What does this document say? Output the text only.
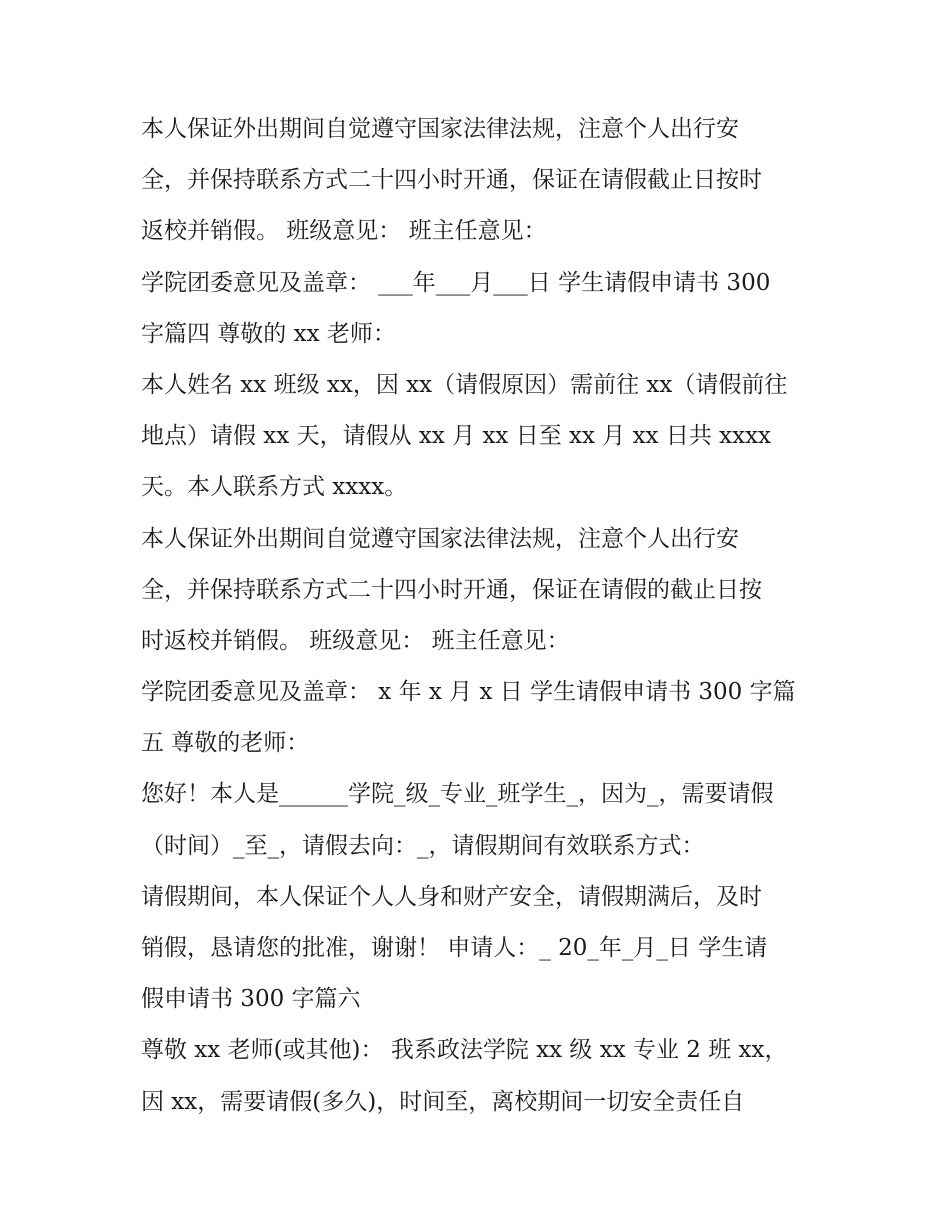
本人保证外出期间自觉遵守国家法律法规，注意个人出行安
全，并保持联系方式二十四小时开通，保证在请假截止日按时
返校并销假。 班级意见： 班主任意见：
学院团委意见及盖章： ___年___月___日 学生请假申请书 300
字篇四 尊敬的 xx 老师：
本人姓名 xx 班级 xx，因 xx（请假原因）需前往 xx（请假前往
地点）请假 xx 天，请假从 xx 月 xx 日至 xx 月 xx 日共 xxxx
天。本人联系方式 xxxx。
本人保证外出期间自觉遵守国家法律法规，注意个人出行安
全，并保持联系方式二十四小时开通，保证在请假的截止日按
时返校并销假。 班级意见： 班主任意见：
学院团委意见及盖章： x 年 x 月 x 日 学生请假申请书 300 字篇
五 尊敬的老师：
您好！本人是______学院_级_专业_班学生_，因为_，需要请假
（时间）_至_，请假去向：_，请假期间有效联系方式：
请假期间，本人保证个人人身和财产安全，请假期满后，及时
销假，恳请您的批准，谢谢！ 申请人：_ 20_年_月_日 学生请
假申请书 300 字篇六
尊敬 xx 老师(或其他)： 我系政法学院 xx 级 xx 专业 2 班 xx，
因 xx，需要请假(多久)，时间至，离校期间一切安全责任自
